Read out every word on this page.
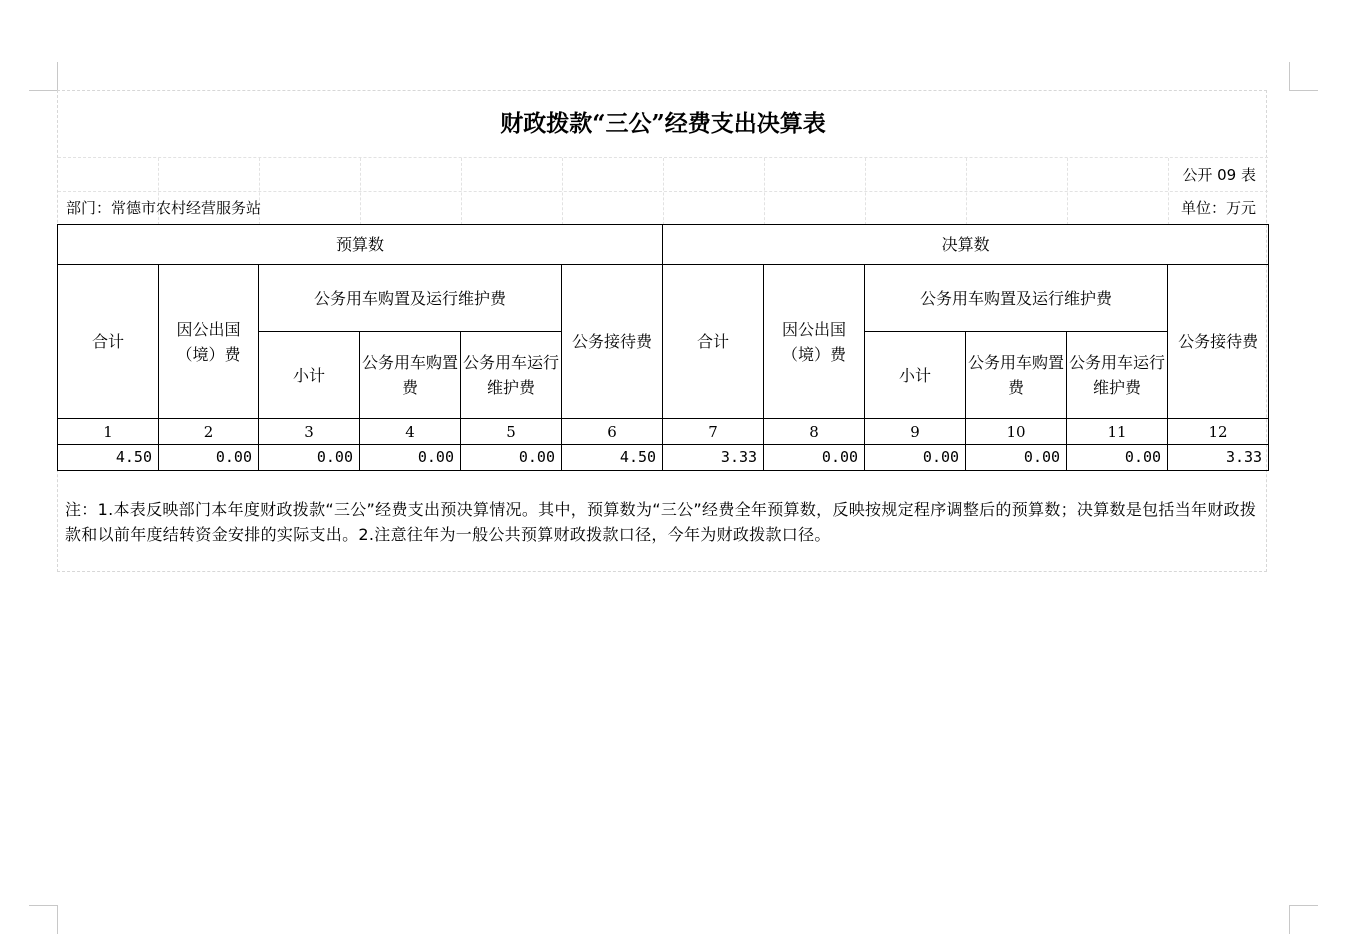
财政拨款“三公”经费支出决算表
公开 09 表
部门：常德市农村经营服务站	单位：万元
预算数						决算数					
合计	因公出国（境）费	公务用车购置及运行维护费			公务接待费	合计	因公出国（境）费	公务用车购置及运行维护费			公务接待费
		小计	公务用车购置费	公务用车运行维护费				小计	公务用车购置费	公务用车运行维护费	
1	2	3	4	5	6	7	8	9	10	11	12
4.50	0.00	0.00	0.00	0.00	4.50	3.33	0.00	0.00	0.00	0.00	3.33
注：1.本表反映部门本年度财政拨款“三公”经费支出预决算情况。其中，预算数为“三公”经费全年预算数，反映按规定程序调整后的预算数；决算数是包括当年财政拨款和以前年度结转资金安排的实际支出。2.注意往年为一般公共预算财政拨款口径，今年为财政拨款口径。
